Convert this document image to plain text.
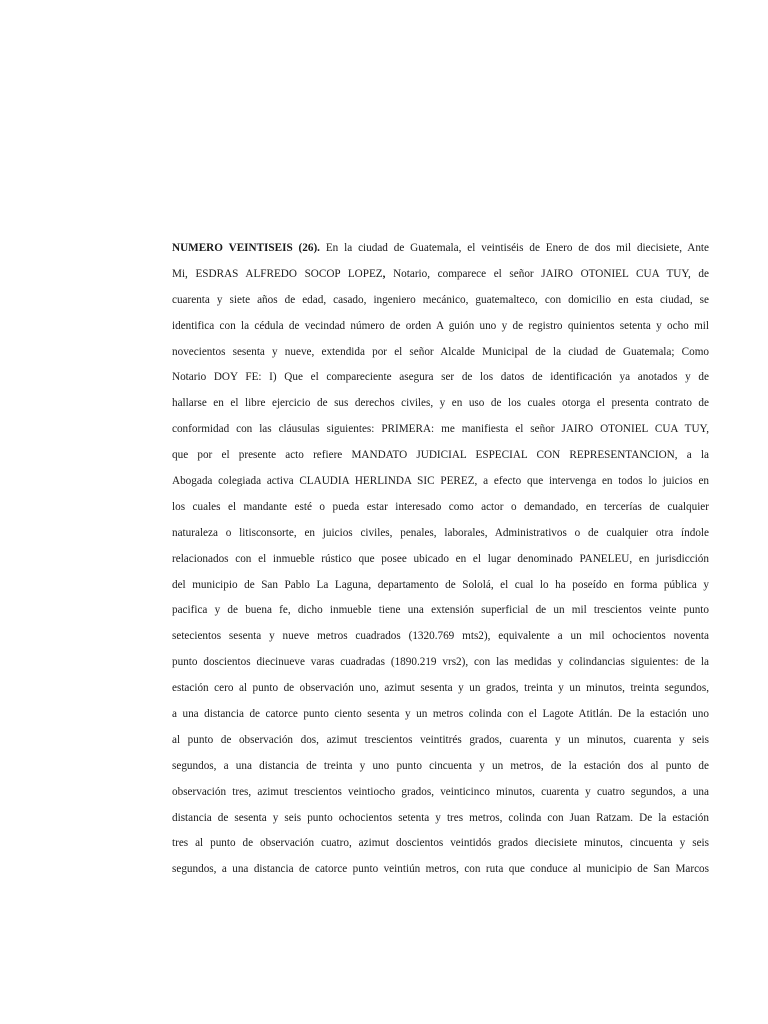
NUMERO VEINTISEIS (26). En la ciudad de Guatemala, el veintiséis de Enero de dos mil diecisiete, Ante
Mi, ESDRAS ALFREDO SOCOP LOPEZ, Notario, comparece el señor JAIRO OTONIEL CUA TUY, de
cuarenta y siete años de edad, casado, ingeniero mecánico, guatemalteco, con domicilio en esta ciudad, se
identifica con la cédula de vecindad número de orden A guión uno y de registro quinientos setenta y ocho mil
novecientos sesenta y nueve, extendida por el señor Alcalde Municipal de la ciudad de Guatemala; Como
Notario DOY FE: I) Que el compareciente asegura ser de los datos de identificación ya anotados y de
hallarse en el libre ejercicio de sus derechos civiles, y en uso de los cuales otorga el presenta contrato de
conformidad con las cláusulas siguientes: PRIMERA: me manifiesta el señor JAIRO OTONIEL CUA TUY,
que por el presente acto refiere MANDATO JUDICIAL ESPECIAL CON REPRESENTANCION, a la
Abogada colegiada activa CLAUDIA HERLINDA SIC PEREZ, a efecto que intervenga en todos lo juicios en
los cuales el mandante esté o pueda estar interesado como actor o demandado, en tercerías de cualquier
naturaleza o litisconsorte, en juicios civiles, penales, laborales, Administrativos o de cualquier otra índole
relacionados con el inmueble rústico que posee ubicado en el lugar denominado PANELEU, en jurisdicción
del municipio de San Pablo La Laguna, departamento de Sololá, el cual lo ha poseído en forma pública y
pacifica y de buena fe, dicho inmueble tiene una extensión superficial de un mil trescientos veinte punto
setecientos sesenta y nueve metros cuadrados (1320.769 mts2), equivalente a un mil ochocientos noventa
punto doscientos diecinueve varas cuadradas (1890.219 vrs2), con las medidas y colindancias siguientes: de la
estación cero al punto de observación uno, azimut sesenta y un grados, treinta y un minutos, treinta segundos,
a una distancia de catorce punto ciento sesenta y un metros colinda con el Lagote Atitlán. De la estación uno
al punto de observación dos, azimut trescientos veintitrés grados, cuarenta y un minutos, cuarenta y seis
segundos, a una distancia de treinta y uno punto cincuenta y un metros, de la estación dos al punto de
observación tres, azimut trescientos veintiocho grados, veinticinco minutos, cuarenta y cuatro segundos, a una
distancia de sesenta y seis punto ochocientos setenta y tres metros, colinda con Juan Ratzam. De la estación
tres al punto de observación cuatro, azimut doscientos veintidós grados diecisiete minutos, cincuenta y seis
segundos, a una distancia de catorce punto veintiún metros, con ruta que conduce al municipio de San Marcos
